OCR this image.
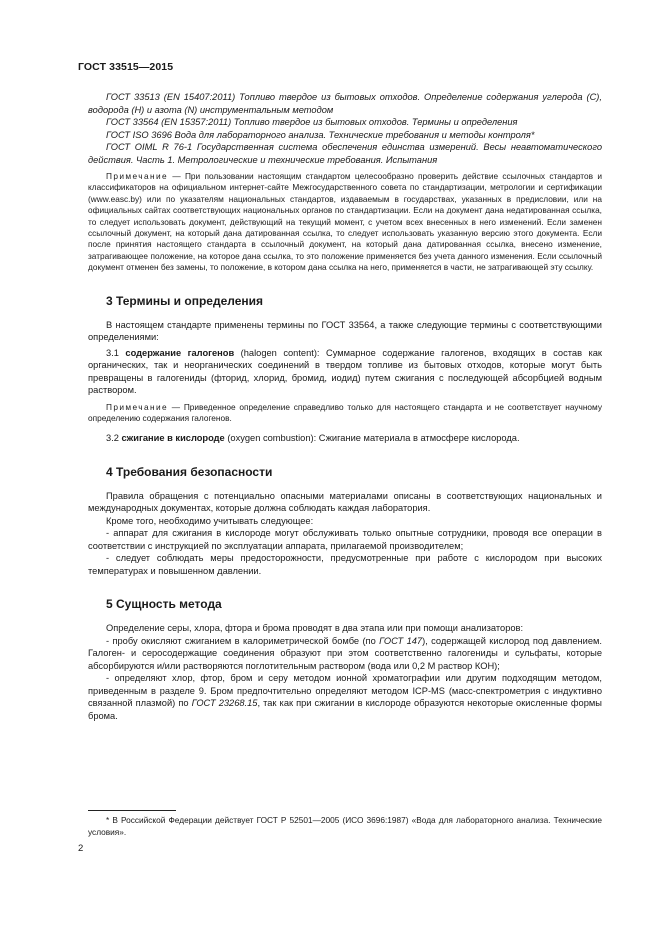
ГОСТ 33515—2015

ГОСТ 33513 (EN 15407:2011) Топливо твердое из бытовых отходов. Определение содержания углерода (С), водорода (Н) и азота (N) инструментальным методом

ГОСТ 33564 (EN 15357:2011) Топливо твердое из бытовых отходов. Термины и определения

ГОСТ ISO 3696 Вода для лабораторного анализа. Технические требования и методы контроля*

ГОСТ OIML R 76-1 Государственная система обеспечения единства измерений. Весы неавтоматического действия. Часть 1. Метрологические и технические требования. Испытания

Примечание — При пользовании настоящим стандартом целесообразно проверить действие ссылочных стандартов и классификаторов на официальном интернет-сайте Межгосударственного совета по стандартизации, метрологии и сертификации (www.easc.by) или по указателям национальных стандартов, издаваемым в государствах, указанных в предисловии, или на официальных сайтах соответствующих национальных органов по стандартизации. Если на документ дана недатированная ссылка, то следует использовать документ, действующий на текущий момент, с учетом всех внесенных в него изменений. Если заменен ссылочный документ, на который дана датированная ссылка, то следует использовать указанную версию этого документа. Если после принятия настоящего стандарта в ссылочный документ, на который дана датированная ссылка, внесено изменение, затрагивающее положение, на которое дана ссылка, то это положение применяется без учета данного изменения. Если ссылочный документ отменен без замены, то положение, в котором дана ссылка на него, применяется в части, не затрагивающей эту ссылку.

3 Термины и определения

В настоящем стандарте применены термины по ГОСТ 33564, а также следующие термины с соответствующими определениями:

3.1 содержание галогенов (halogen content): Суммарное содержание галогенов, входящих в состав как органических, так и неорганических соединений в твердом топливе из бытовых отходов, которые могут быть превращены в галогениды (фторид, хлорид, бромид, иодид) путем сжигания с последующей абсорбцией водным раствором.

Примечание — Приведенное определение справедливо только для настоящего стандарта и не соответствует научному определению содержания галогенов.

3.2 сжигание в кислороде (oxygen combustion): Сжигание материала в атмосфере кислорода.

4 Требования безопасности

Правила обращения с потенциально опасными материалами описаны в соответствующих национальных и международных документах, которые должна соблюдать каждая лаборатория.

Кроме того, необходимо учитывать следующее:

- аппарат для сжигания в кислороде могут обслуживать только опытные сотрудники, проводя все операции в соответствии с инструкцией по эксплуатации аппарата, прилагаемой производителем;

- следует соблюдать меры предосторожности, предусмотренные при работе с кислородом при высоких температурах и повышенном давлении.

5 Сущность метода

Определение серы, хлора, фтора и брома проводят в два этапа или при помощи анализаторов:

- пробу окисляют сжиганием в калориметрической бомбе (по ГОСТ 147), содержащей кислород под давлением. Галоген- и серосодержащие соединения образуют при этом соответственно галогениды и сульфаты, которые абсорбируются и/или растворяются поглотительным раствором (вода или 0,2 М раствор КОН);

- определяют хлор, фтор, бром и серу методом ионной хроматографии или другим подходящим методом, приведенным в разделе 9. Бром предпочтительно определяют методом ICP-MS (масс-спектрометрия с индуктивно связанной плазмой) по ГОСТ 23268.15, так как при сжигании в кислороде образуются некоторые окисленные формы брома.

* В Российской Федерации действует ГОСТ Р 52501—2005 (ИСО 3696:1987) «Вода для лабораторного анализа. Технические условия».

2
